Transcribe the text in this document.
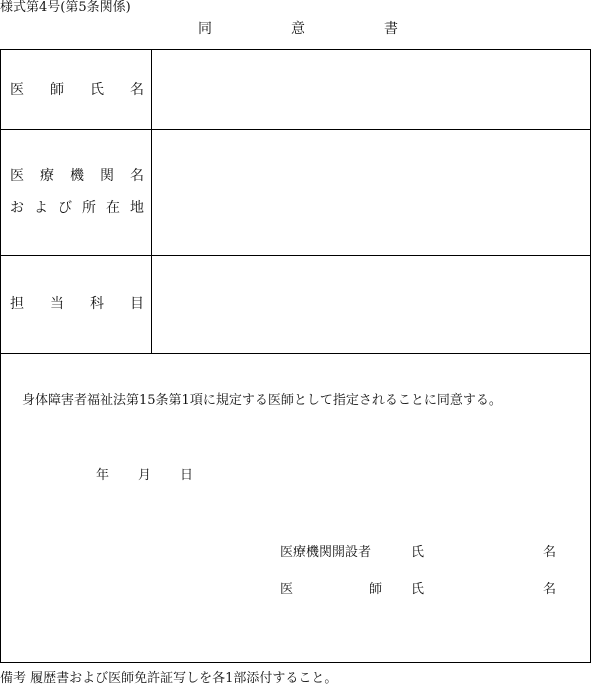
様式第4号(第5条関係)
同	意	書
医 師 氏 名
医 療 機 関 名
お よ び 所 在 地
担 当 科 目
医療機関開設者	氏	名
医	師 氏	名
身体障害者福祉法第15条第1項に規定する医師として指定されることに同意する。
年 月 日
備考 履歴書および医師免許証写しを各1部添付すること。
